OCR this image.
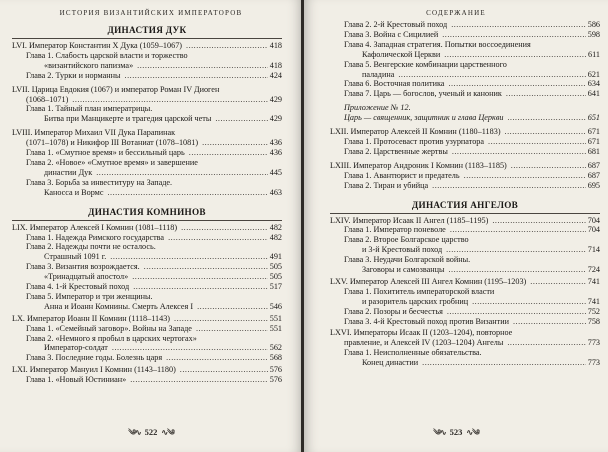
ИСТОРИЯ ВИЗАНТИЙСКИХ ИМПЕРАТОРОВ
ДИНАСТИЯ ДУК
LVI. Император Константин X Дука (1059–1067) .....	418
Глава 1. Слабость царской власти и торжество
«византийского папизма» .....	418
Глава 2. Турки и норманны .....	424
LVII. Царица Евдокия (1067) и император Роман IV Диоген
(1068–1071) .....	429
Глава 1. Тайный план императрицы.
Битва при Манцикерте и трагедия царской четы .....	429
LVIII. Император Михаил VII Дука Парапинак
(1071–1078) и Никифор III Вотаниат (1078–1081) .....	436
Глава 1. «Смутное время» и бессильный царь .....	436
Глава 2. «Новое» «Смутное время» и завершение
династии Дук .....	445
Глава 3. Борьба за инвеституру на Западе.
Каносса и Вормс .....	463
ДИНАСТИЯ КОМНИНОВ
LIX. Император Алексей I Комнин (1081–1118) .....	482
Глава 1. Надежда Римского государства .....	482
Глава 2. Надежды почти не осталось.
Страшный 1091 г. .....	491
Глава 3. Византия возрождается. .....	505
«Тринадцатый апостол» .....	505
Глава 4. 1-й Крестовый поход .....	517
Глава 5. Император и три женщины.
Анна и Иоанн Комнины. Смерть Алексея I .....	546
LX. Император Иоанн II Комнин (1118–1143) .....	551
Глава 1. «Семейный заговор». Войны на Западе .....	551
Глава 2. «Немного я пробыл в царских чертогах»
Император-солдат .....	562
Глава 3. Последние годы. Болезнь царя .....	568
LXI. Император Мануил I Комнин (1143–1180) .....	576
Глава 1. «Новый Юстиниан» .....	576
༄∿ 522 ∿༄
СОДЕРЖАНИЕ
Глава 2. 2-й Крестовый поход .....	586
Глава 3. Война с Сицилией .....	598
Глава 4. Западная стратегия. Попытки воссоединения
Кафолической Церкви .....	611
Глава 5. Венгерские комбинации царственного
паладина .....	621
Глава 6. Восточная политика .....	634
Глава 7. Царь — богослов, ученый и каноник .....	641
Приложение № 12.
Царь — священник, защитник и глава Церкви .....	651
LXII. Император Алексей II Комнин (1180–1183) .....	671
Глава 1. Протосеваст против узурпатора .....	671
Глава 2. Царственные жертвы .....	681
LXIII. Император Андроник I Комнин (1183–1185) .....	687
Глава 1. Авантюрист и предатель .....	687
Глава 2. Тиран и убийца .....	695
ДИНАСТИЯ АНГЕЛОВ
LXIV. Император Исаак II Ангел (1185–1195) .....	704
Глава 1. Император поневоле .....	704
Глава 2. Второе Болгарское царство
и 3-й Крестовый поход .....	714
Глава 3. Неудачи Болгарской войны.
Заговоры и самозванцы .....	724
LXV. Император Алексей III Ангел Комнин (1195–1203) .....	741
Глава 1. Похититель императорской власти
и разоритель царских гробниц .....	741
Глава 2. Позоры и бесчестья .....	752
Глава 3. 4-й Крестовый поход против Византии .....	758
LXVI. Императоры Исаак II (1203–1204), повторное
правление, и Алексей IV (1203–1204) Ангелы .....	773
Глава 1. Неисполненные обязательства.
Конец династии .....	773
༄∿ 523 ∿༄
